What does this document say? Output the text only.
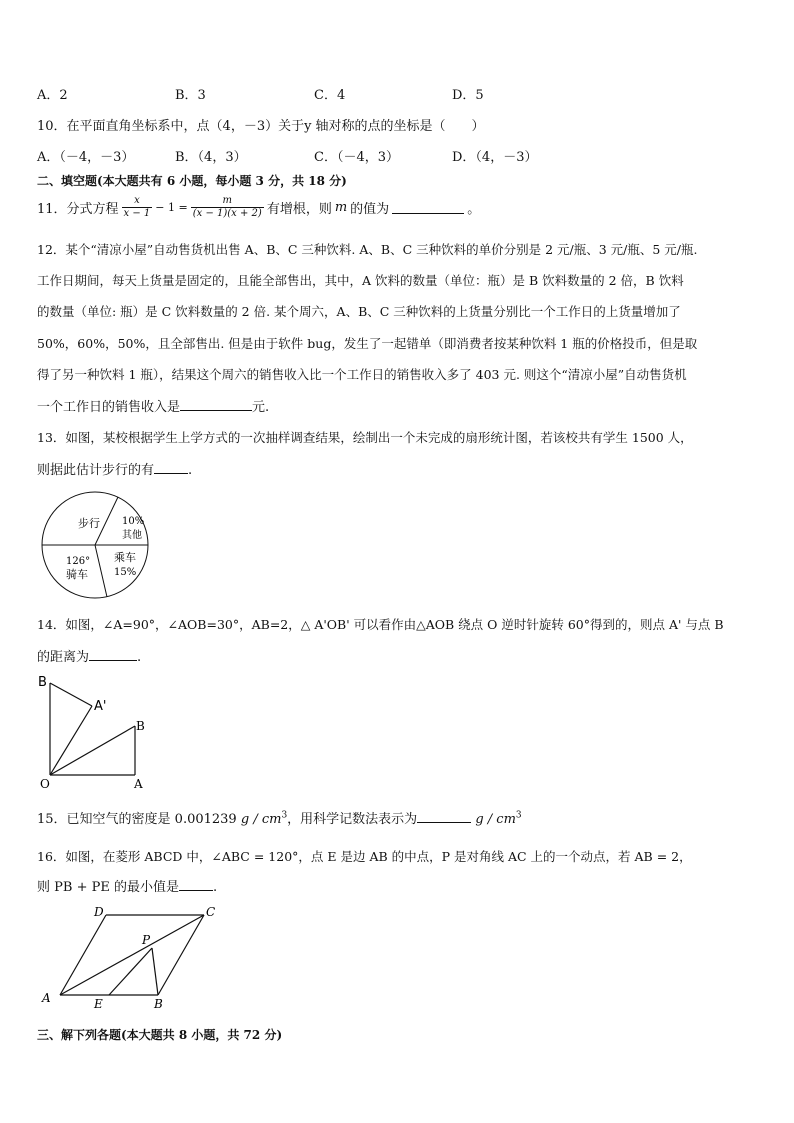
A．2	B．3	C．4	D．5
10．在平面直角坐标系中，点（4，－3）关于y 轴对称的点的坐标是（　　）
A．（－4，－3）	B．（4，3）	C．（－4，3）	D．（4，－3）
二、填空题(本大题共有 6 小题，每小题 3 分，共 18 分)
11．分式方程 $\frac{x}{x - 1} - 1 = \frac{m}{(x - 1)(x + 2)}$ 有增根，则 m 的值为	。
12．某个“清凉小屋”自动售货机出售 A、B、C 三种饮料. A、B、C 三种饮料的单价分别是 2 元/瓶、3 元/瓶、5 元/瓶.
工作日期间，每天上货量是固定的，且能全部售出，其中，A 饮料的数量（单位：瓶）是 B 饮料数量的 2 倍，B 饮料
的数量（单位: 瓶）是 C 饮料数量的 2 倍. 某个周六，A、B、C 三种饮料的上货量分别比一个工作日的上货量增加了
50%，60%，50%，且全部售出. 但是由于软件 bug，发生了一起错单（即消费者按某种饮料 1 瓶的价格投币，但是取
得了另一种饮料 1 瓶），结果这个周六的销售收入比一个工作日的销售收入多了 403 元. 则这个“清凉小屋”自动售货机
一个工作日的销售收入是	元.
13．如图，某校根据学生上学方式的一次抽样调查结果，绘制出一个未完成的扇形统计图，若该校共有学生 1500 人，
则据此估计步行的有	.
步行 10%
其他
126°
骑车
乘车
15%
14．如图，∠A=90°，∠AOB=30°，AB=2，△ A'OB' 可以看作由△AOB 绕点 O 逆时针旋转 60°得到的，则点 A' 与点 B
的距离为	.
B
A'
B
O	A
15．已知空气的密度是 0.001239 g / $cm^3$，用科学记数法表示为	g / $cm^3$
16．如图，在菱形 ABCD 中，∠ABC = 120°，点 E 是边 AB 的中点，P 是对角线 AC 上的一个动点，若 AB = 2，
则 PB + PE 的最小值是	.
D	C
P
A	E	B
三、解下列各题(本大题共 8 小题，共 72 分)
